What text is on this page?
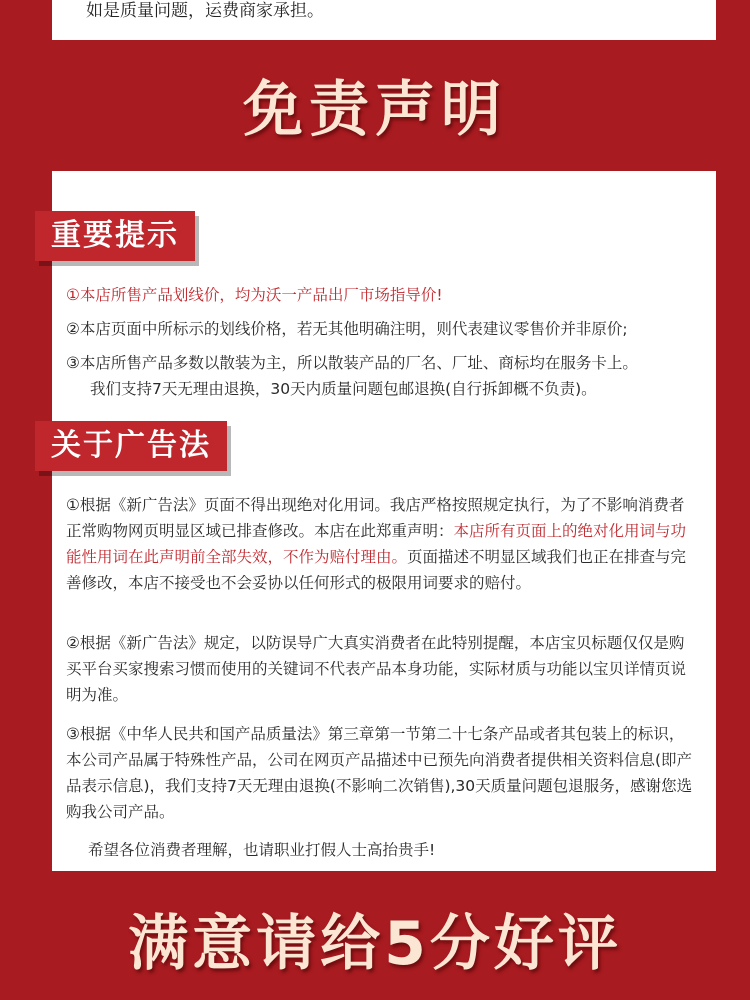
如是质量问题，运费商家承担。
免责声明
重要提示
①本店所售产品划线价，均为沃一产品出厂市场指导价!
②本店页面中所标示的划线价格，若无其他明确注明，则代表建议零售价并非原价;
③本店所售产品多数以散装为主，所以散装产品的厂名、厂址、商标均在服务卡上。
我们支持7天无理由退换，30天内质量问题包邮退换(自行拆卸概不负责)。
关于广告法
①根据《新广告法》页面不得出现绝对化用词。我店严格按照规定执行，为了不影响消费者正常购物网页明显区域已排查修改。本店在此郑重声明：本店所有页面上的绝对化用词与功能性用词在此声明前全部失效，不作为赔付理由。页面描述不明显区域我们也正在排查与完善修改，本店不接受也不会妥协以任何形式的极限用词要求的赔付。
②根据《新广告法》规定，以防误导广大真实消费者在此特别提醒，本店宝贝标题仅仅是购买平台买家搜索习惯而使用的关键词不代表产品本身功能，实际材质与功能以宝贝详情页说明为准。
③根据《中华人民共和国产品质量法》第三章第一节第二十七条产品或者其包装上的标识，本公司产品属于特殊性产品，公司在网页产品描述中已预先向消费者提供相关资料信息(即产品表示信息)，我们支持7天无理由退换(不影响二次销售),30天质量问题包退服务，感谢您选购我公司产品。
希望各位消费者理解，也请职业打假人士高抬贵手!
满意请给5分好评
